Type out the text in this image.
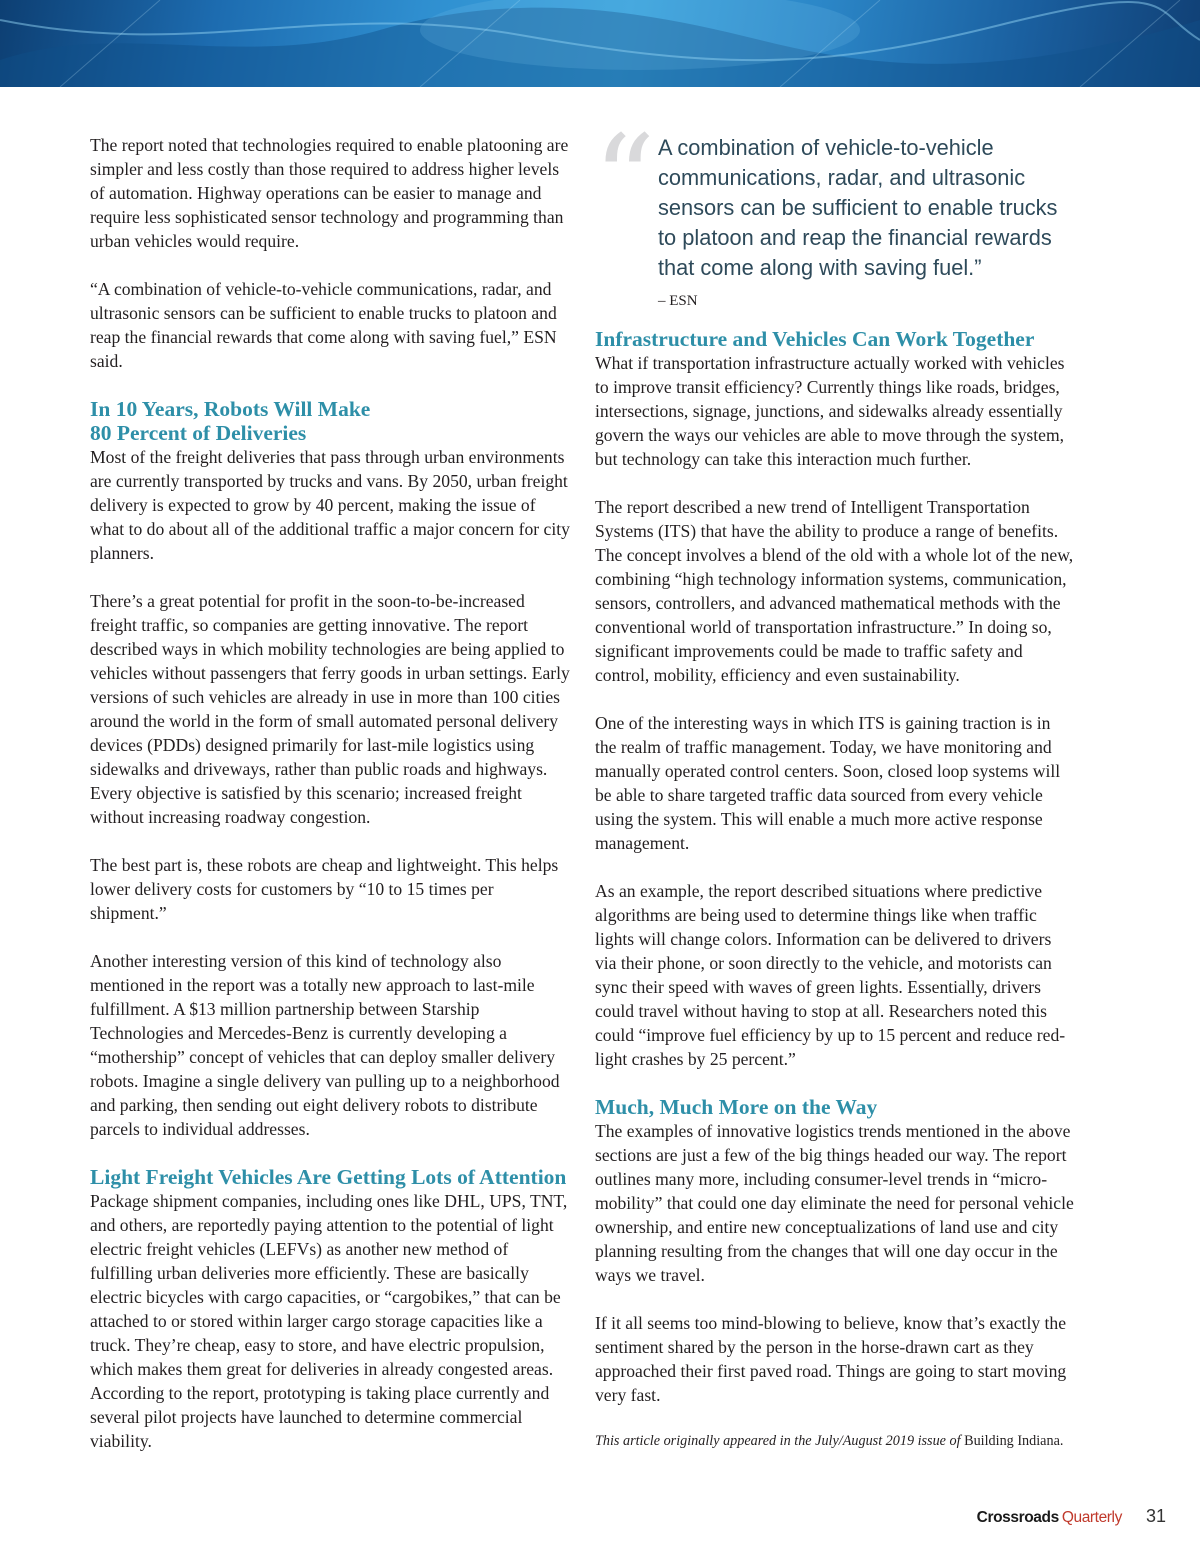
The report noted that technologies required to enable platooning are simpler and less costly than those required to address higher levels of automation. Highway operations can be easier to manage and require less sophisticated sensor technology and programming than urban vehicles would require.

“A combination of vehicle-to-vehicle communications, radar, and ultrasonic sensors can be sufficient to enable trucks to platoon and reap the financial rewards that come along with saving fuel,” ESN said.

In 10 Years, Robots Will Make
80 Percent of Deliveries

Most of the freight deliveries that pass through urban environments are currently transported by trucks and vans. By 2050, urban freight delivery is expected to grow by 40 percent, making the issue of what to do about all of the additional traffic a major concern for city planners.

There’s a great potential for profit in the soon-to-be-increased freight traffic, so companies are getting innovative. The report described ways in which mobility technologies are being applied to vehicles without passengers that ferry goods in urban settings. Early versions of such vehicles are already in use in more than 100 cities around the world in the form of small automated personal delivery devices (PDDs) designed primarily for last-mile logistics using sidewalks and driveways, rather than public roads and highways. Every objective is satisfied by this scenario; increased freight without increasing roadway congestion.

The best part is, these robots are cheap and lightweight. This helps lower delivery costs for customers by “10 to 15 times per shipment.”

Another interesting version of this kind of technology also mentioned in the report was a totally new approach to last-mile fulfillment. A $13 million partnership between Starship Technologies and Mercedes-Benz is currently developing a “mothership” concept of vehicles that can deploy smaller delivery robots. Imagine a single delivery van pulling up to a neighborhood and parking, then sending out eight delivery robots to distribute parcels to individual addresses.

Light Freight Vehicles Are Getting Lots of Attention

Package shipment companies, including ones like DHL, UPS, TNT, and others, are reportedly paying attention to the potential of light electric freight vehicles (LEFVs) as another new method of fulfilling urban deliveries more efficiently. These are basically electric bicycles with cargo capacities, or “cargobikes,” that can be attached to or stored within larger cargo storage capacities like a truck. They’re cheap, easy to store, and have electric propulsion, which makes them great for deliveries in already congested areas. According to the report, prototyping is taking place currently and several pilot projects have launched to determine commercial viability.

“ A combination of vehicle-to-vehicle communications, radar, and ultrasonic sensors can be sufficient to enable trucks to platoon and reap the financial rewards that come along with saving fuel.”
– ESN
Infrastructure and Vehicles Can Work Together

What if transportation infrastructure actually worked with vehicles to improve transit efficiency? Currently things like roads, bridges, intersections, signage, junctions, and sidewalks already essentially govern the ways our vehicles are able to move through the system, but technology can take this interaction much further.

The report described a new trend of Intelligent Transportation Systems (ITS) that have the ability to produce a range of benefits. The concept involves a blend of the old with a whole lot of the new, combining “high technology information systems, communication, sensors, controllers, and advanced mathematical methods with the conventional world of transportation infrastructure.” In doing so, significant improvements could be made to traffic safety and control, mobility, efficiency and even sustainability.

One of the interesting ways in which ITS is gaining traction is in the realm of traffic management. Today, we have monitoring and manually operated control centers. Soon, closed loop systems will be able to share targeted traffic data sourced from every vehicle using the system. This will enable a much more active response management.

As an example, the report described situations where predictive algorithms are being used to determine things like when traffic lights will change colors. Information can be delivered to drivers via their phone, or soon directly to the vehicle, and motorists can sync their speed with waves of green lights. Essentially, drivers could travel without having to stop at all. Researchers noted this could “improve fuel efficiency by up to 15 percent and reduce red-light crashes by 25 percent.”

Much, Much More on the Way

The examples of innovative logistics trends mentioned in the above sections are just a few of the big things headed our way. The report outlines many more, including consumer-level trends in “micro-mobility” that could one day eliminate the need for personal vehicle ownership, and entire new conceptualizations of land use and city planning resulting from the changes that will one day occur in the ways we travel.

If it all seems too mind-blowing to believe, know that’s exactly the sentiment shared by the person in the horse-drawn cart as they approached their first paved road. Things are going to start moving very fast.

This article originally appeared in the July/August 2019 issue of Building Indiana.

Crossroads Quarterly 31
